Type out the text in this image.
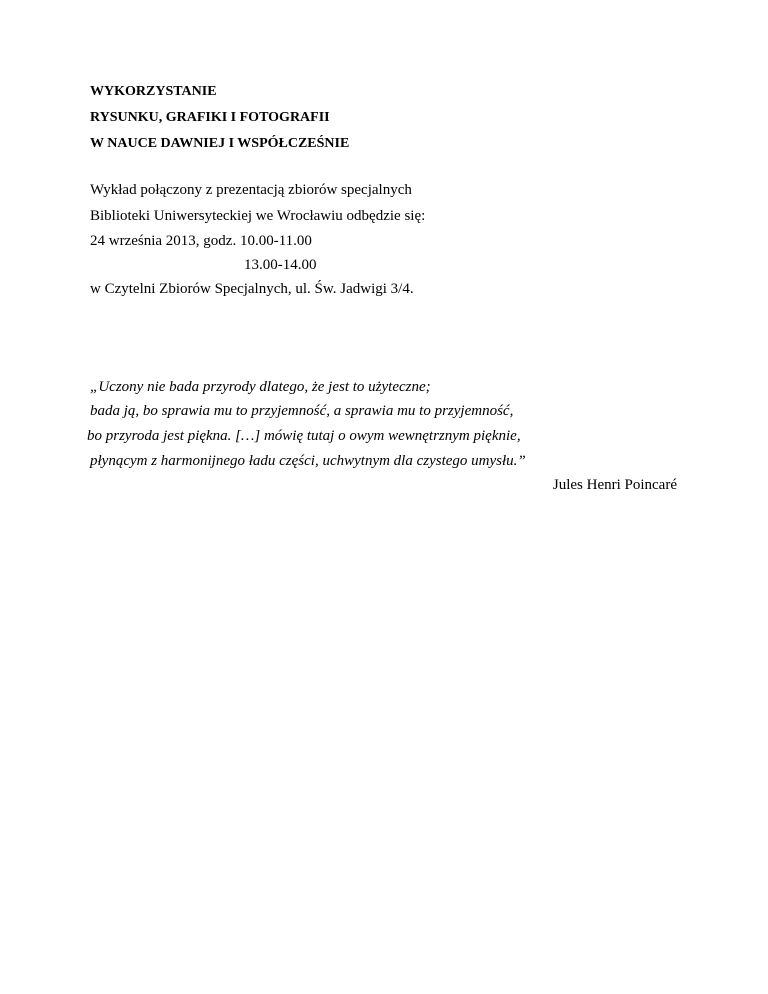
WYKORZYSTANIE
RYSUNKU, GRAFIKI I FOTOGRAFII
W NAUCE DAWNIEJ I WSPÓŁCZEŚNIE
Wykład połączony z prezentacją zbiorów specjalnych
Biblioteki Uniwersyteckiej we Wrocławiu odbędzie się:
24 września 2013, godz. 10.00-11.00
13.00-14.00
w Czytelni Zbiorów Specjalnych, ul. Św. Jadwigi 3/4.
„Uczony nie bada przyrody dlatego, że jest to użyteczne;
bada ją, bo sprawia mu to przyjemność, a sprawia mu to przyjemność,
bo przyroda jest piękna. […] mówię tutaj o owym wewnętrznym pięknie,
płynącym z harmonijnego ładu części, uchwytnym dla czystego umysłu.”
Jules Henri Poincaré
